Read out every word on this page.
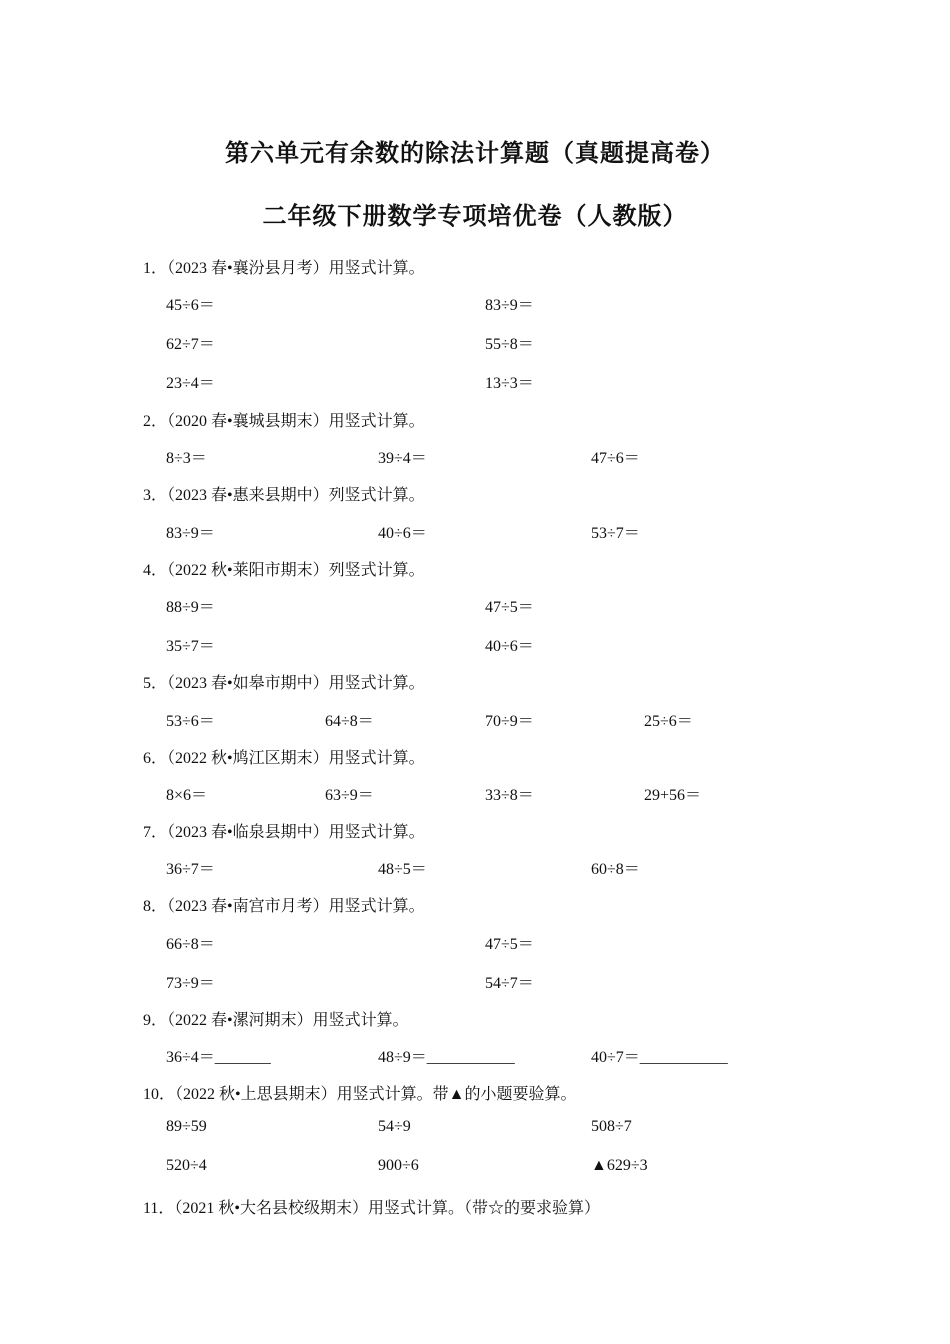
第六单元有余数的除法计算题（真题提高卷）
二年级下册数学专项培优卷（人教版）
1．（2023 春•襄汾县月考）用竖式计算。
45÷6＝	83÷9＝
62÷7＝	55÷8＝
23÷4＝	13÷3＝
2．（2020 春•襄城县期末）用竖式计算。
8÷3＝	39÷4＝	47÷6＝
3．（2023 春•惠来县期中）列竖式计算。
83÷9＝	40÷6＝	53÷7＝
4．（2022 秋•莱阳市期末）列竖式计算。
88÷9＝	47÷5＝
35÷7＝	40÷6＝
5．（2023 春•如皋市期中）用竖式计算。
53÷6＝	64÷8＝	70÷9＝	25÷6＝
6．（2022 秋•鸠江区期末）用竖式计算。
8×6＝	63÷9＝	33÷8＝	29+56＝
7．（2023 春•临泉县期中）用竖式计算。
36÷7＝	48÷5＝	60÷8＝
8．（2023 春•南宫市月考）用竖式计算。
66÷8＝	47÷5＝
73÷9＝	54÷7＝
9．（2022 春•漯河期末）用竖式计算。
36÷4＝_______	48÷9＝___________	40÷7＝___________
10．（2022 秋•上思县期末）用竖式计算。带▲的小题要验算。
89÷59	54÷9	508÷7
520÷4	900÷6	▲629÷3
11．（2021 秋•大名县校级期末）用竖式计算。（带☆的要求验算）
